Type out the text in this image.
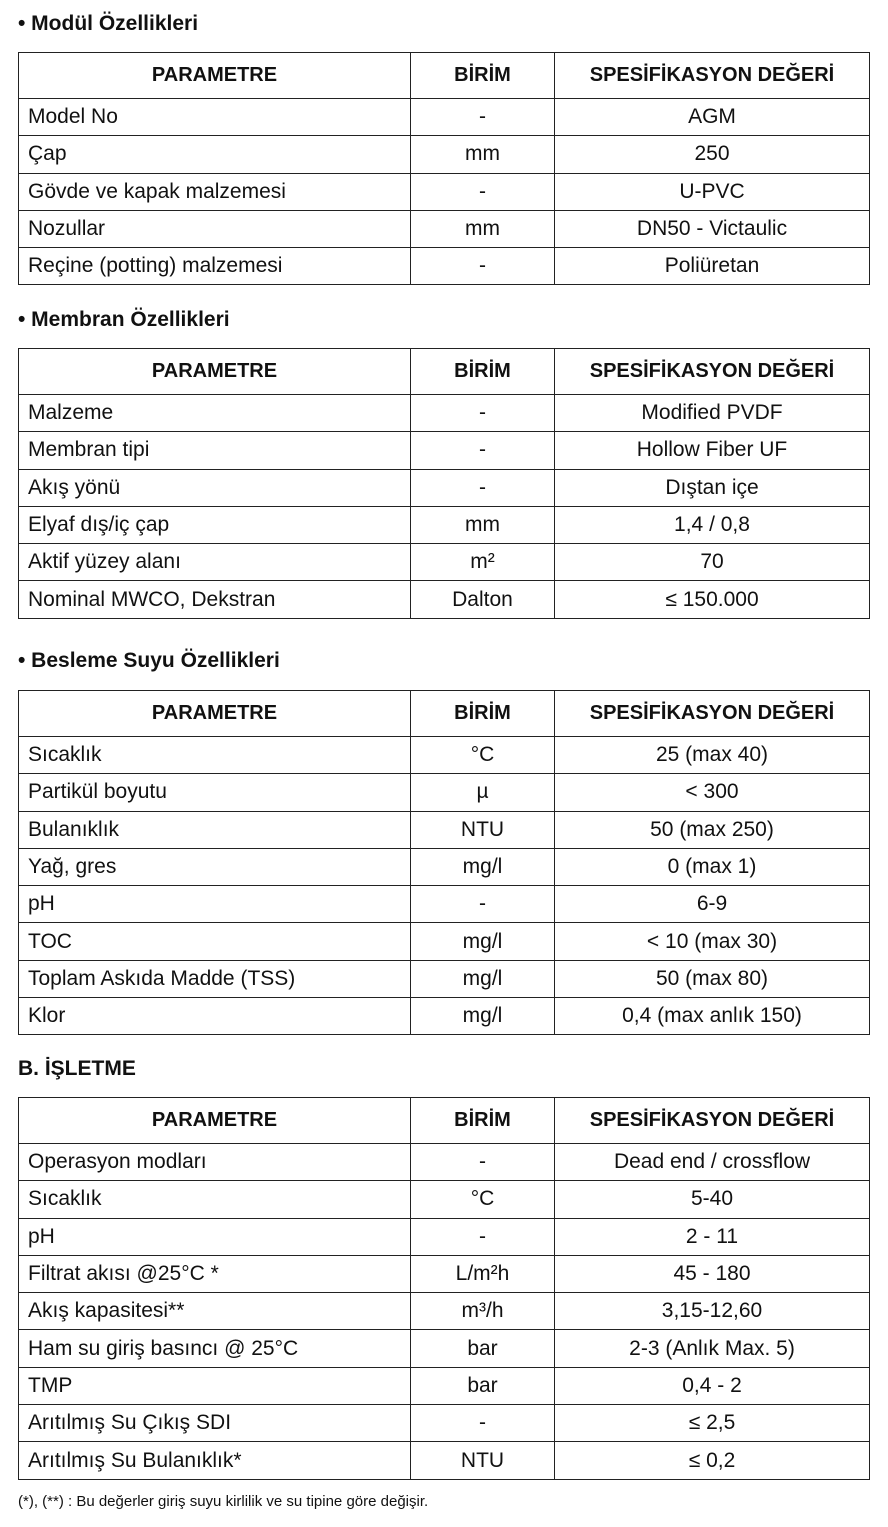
• Modül Özellikleri
PARAMETRE	BİRİM	SPESİFİKASYON DEĞERİ
Model No	-	AGM
Çap	mm	250
Gövde ve kapak malzemesi	-	U-PVC
Nozullar	mm	DN50 - Victaulic
Reçine (potting) malzemesi	-	Poliüretan
• Membran Özellikleri
PARAMETRE	BİRİM	SPESİFİKASYON DEĞERİ
Malzeme	-	Modified PVDF
Membran tipi	-	Hollow Fiber UF
Akış yönü	-	Dıştan içe
Elyaf dış/iç çap	mm	1,4 / 0,8
Aktif yüzey alanı	m²	70
Nominal MWCO, Dekstran	Dalton	≤ 150.000
• Besleme Suyu Özellikleri
PARAMETRE	BİRİM	SPESİFİKASYON DEĞERİ
Sıcaklık	°C	25 (max 40)
Partikül boyutu	µ	< 300
Bulanıklık	NTU	50 (max 250)
Yağ, gres	mg/l	0 (max 1)
pH	-	6-9
TOC	mg/l	< 10 (max 30)
Toplam Askıda Madde (TSS)	mg/l	50 (max 80)
Klor	mg/l	0,4 (max anlık 150)
B. İŞLETME
PARAMETRE	BİRİM	SPESİFİKASYON DEĞERİ
Operasyon modları	-	Dead end / crossflow
Sıcaklık	°C	5-40
pH	-	2 - 11
Filtrat akısı @25°C *	L/m²h	45 - 180
Akış kapasitesi**	m³/h	3,15-12,60
Ham su giriş basıncı @ 25°C	bar	2-3 (Anlık Max. 5)
TMP	bar	0,4 - 2
Arıtılmış Su Çıkış SDI	-	≤ 2,5
Arıtılmış Su Bulanıklık*	NTU	≤ 0,2
(*), (**) : Bu değerler giriş suyu kirlilik ve su tipine göre değişir.
